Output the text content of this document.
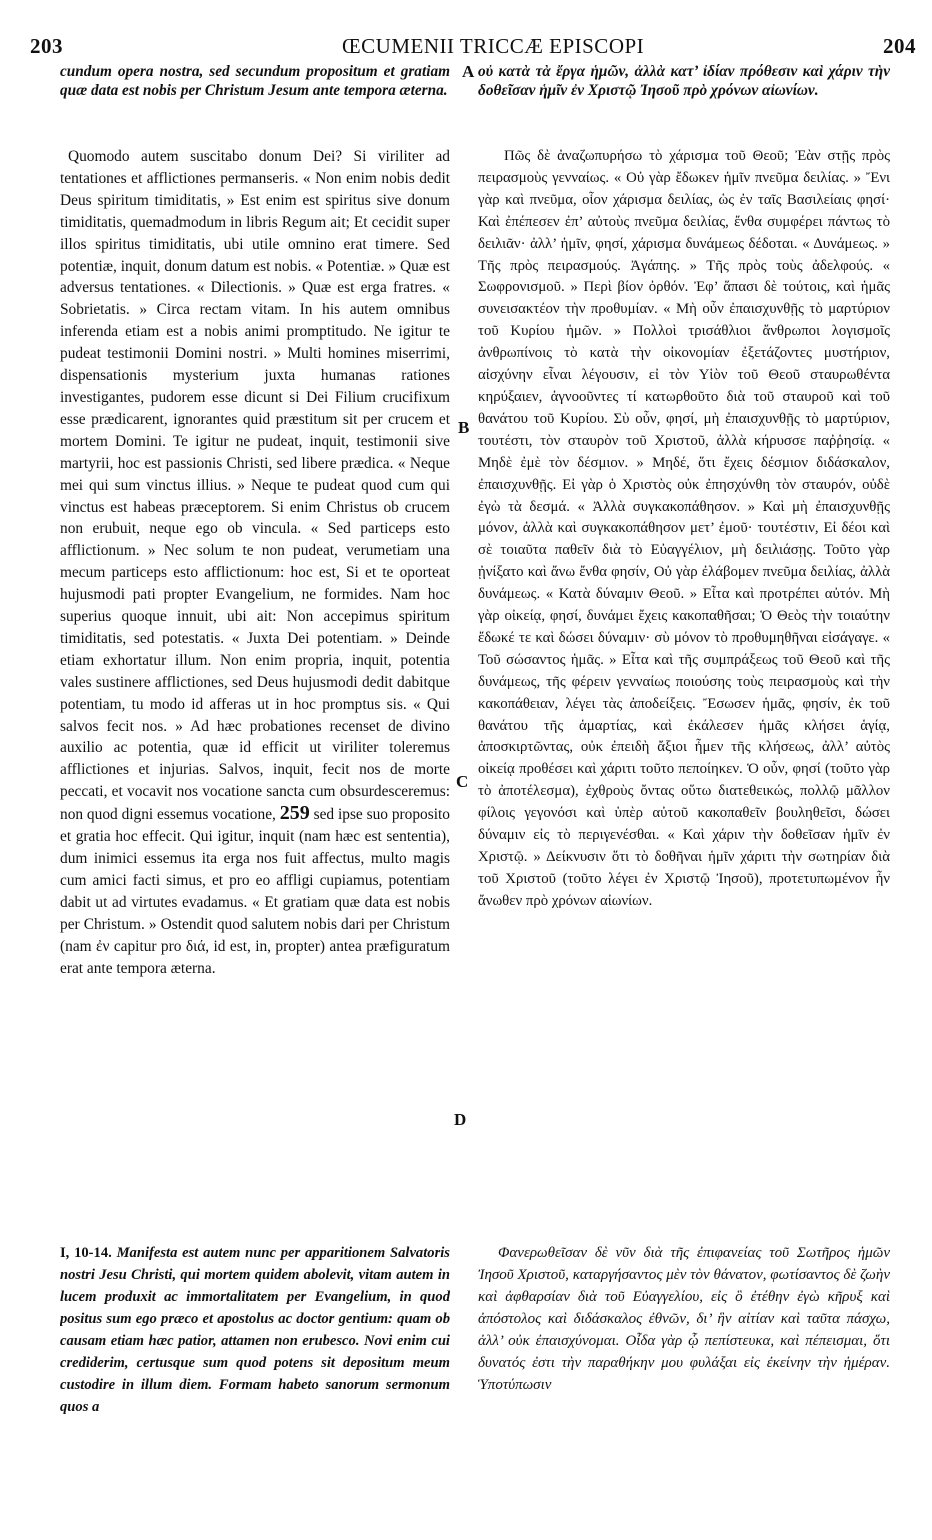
203	ŒCUMENII TRICCÆ EPISCOPI	204
A
B
C
D

cundum opera nostra, sed secundum propositum et gratiam quæ data est nobis per Christum Jesum ante tempora æterna.

οὐ κατὰ τὰ ἔργα ἡμῶν, ἀλλὰ κατ’ ἰδίαν πρόθεσιν καὶ χάριν τὴν δοθεῖσαν ἡμῖν ἐν Χριστῷ Ἰησοῦ πρὸ χρόνων αἰωνίων.

Quomodo autem suscitabo donum Dei? Si viriliter ad tentationes et afflictiones permanseris. « Non enim nobis dedit Deus spiritum timiditatis, » Est enim est spiritus sive donum timiditatis, quemadmodum in libris Regum ait; Et cecidit super illos spiritus timiditatis, ubi utile omnino erat timere. Sed potentiæ, inquit, donum datum est nobis. « Potentiæ. » Quæ est adversus tentationes. « Dilectionis. » Quæ est erga fratres. « Sobrietatis. » Circa rectam vitam. In his autem omnibus inferenda etiam est a nobis animi promptitudo. Ne igitur te pudeat testimonii Domini nostri. » Multi homines miserrimi, dispensationis mysterium juxta humanas rationes investigantes, pudorem esse dicunt si Dei Filium crucifixum esse prædicarent, ignorantes quid præstitum sit per crucem et mortem Domini. Te igitur ne pudeat, inquit, testimonii sive martyrii, hoc est passionis Christi, sed libere prædica. « Neque mei qui sum vinctus illius. » Neque te pudeat quod cum qui vinctus est habeas præceptorem. Si enim Christus ob crucem non erubuit, neque ego ob vincula. « Sed particeps esto afflictionum. » Nec solum te non pudeat, verumetiam una mecum particeps esto afflictionum: hoc est, Si et te oporteat hujusmodi pati propter Evangelium, ne formides. Nam hoc superius quoque innuit, ubi ait: Non accepimus spiritum timiditatis, sed potestatis. « Juxta Dei potentiam. » Deinde etiam exhortatur illum. Non enim propria, inquit, potentia vales sustinere afflictiones, sed Deus hujusmodi dedit dabitque potentiam, tu modo id afferas ut in hoc promptus sis. « Qui salvos fecit nos. » Ad hæc probationes recenset de divino auxilio ac potentia, quæ id efficit ut viriliter toleremus afflictiones et injurias. Salvos, inquit, fecit nos de morte peccati, et vocavit nos vocatione sancta cum obsurdesceremus: non quod digni essemus vocatione, 259 sed ipse suo proposito et gratia hoc effecit. Qui igitur, inquit (nam hæc est sententia), dum inimici essemus ita erga nos fuit affectus, multo magis cum amici facti simus, et pro eo affligi cupiamus, potentiam dabit ut ad virtutes evadamus. « Et gratiam quæ data est nobis per Christum. » Ostendit quod salutem nobis dari per Christum (nam ἐν capitur pro διά, id est, in, propter) antea præfiguratum erat ante tempora æterna.

Πῶς δὲ ἀναζωπυρήσω τὸ χάρισμα τοῦ Θεοῦ; Ἐὰν στῇς πρὸς πειρασμοὺς γενναίως. « Οὐ γὰρ ἔδωκεν ἡμῖν πνεῦμα δειλίας. » Ἔνι γὰρ καὶ πνεῦμα, οἷον χάρισμα δειλίας, ὡς ἐν ταῖς Βασιλείαις φησί· Καὶ ἐπέπεσεν ἐπ’ αὐτοὺς πνεῦμα δειλίας, ἔνθα συμφέρει πάντως τὸ δειλιᾶν· ἀλλ’ ἡμῖν, φησί, χάρισμα δυνάμεως δέδοται. « Δυνάμεως. » Τῆς πρὸς πειρασμούς. Ἀγάπης. » Τῆς πρὸς τοὺς ἀδελφούς. « Σωφρονισμοῦ. » Περὶ βίον ὀρθόν. Ἐφ’ ἅπασι δὲ τούτοις, καὶ ἡμᾶς συνεισακτέον τὴν προθυμίαν. « Μὴ οὖν ἐπαισχυνθῇς τὸ μαρτύριον τοῦ Κυρίου ἡμῶν. » Πολλοὶ τρισάθλιοι ἄνθρωποι λογισμοῖς ἀνθρωπίνοις τὸ κατὰ τὴν οἰκονομίαν ἐξετάζοντες μυστήριον, αἰσχύνην εἶναι λέγουσιν, εἰ τὸν Υἱὸν τοῦ Θεοῦ σταυρωθέντα κηρύξαιεν, ἀγνοοῦντες τί κατωρθοῦτο διὰ τοῦ σταυροῦ καὶ τοῦ θανάτου τοῦ Κυρίου. Σὺ οὖν, φησί, μὴ ἐπαισχυνθῇς τὸ μαρτύριον, τουτέστι, τὸν σταυρὸν τοῦ Χριστοῦ, ἀλλὰ κήρυσσε παῤῥησίᾳ. « Μηδὲ ἐμὲ τὸν δέσμιον. » Μηδέ, ὅτι ἔχεις δέσμιον διδάσκαλον, ἐπαισχυνθῇς. Εἰ γὰρ ὁ Χριστὸς οὐκ ἐπησχύνθη τὸν σταυρόν, οὐδὲ ἐγὼ τὰ δεσμά. « Ἀλλὰ συγκακοπάθησον. » Καὶ μὴ ἐπαισχυνθῇς μόνον, ἀλλὰ καὶ συγκακοπάθησον μετ’ ἐμοῦ· τουτέστιν, Εἰ δέοι καὶ σὲ τοιαῦτα παθεῖν διὰ τὸ Εὐαγγέλιον, μὴ δειλιάσῃς. Τοῦτο γὰρ ᾐνίξατο καὶ ἄνω ἔνθα φησίν, Οὐ γὰρ ἐλάβομεν πνεῦμα δειλίας, ἀλλὰ δυνάμεως. « Κατὰ δύναμιν Θεοῦ. » Εἶτα καὶ προτρέπει αὐτόν. Μὴ γὰρ οἰκείᾳ, φησί, δυνάμει ἔχεις κακοπαθῆσαι; Ὁ Θεὸς τὴν τοιαύτην ἔδωκέ τε καὶ δώσει δύναμιν· σὺ μόνον τὸ προθυμηθῆναι εἰσάγαγε. « Τοῦ σώσαντος ἡμᾶς. » Εἶτα καὶ τῆς συμπράξεως τοῦ Θεοῦ καὶ τῆς δυνάμεως, τῆς φέρειν γενναίως ποιούσης τοὺς πειρασμοὺς καὶ τὴν κακοπάθειαν, λέγει τὰς ἀποδείξεις. Ἔσωσεν ἡμᾶς, φησίν, ἐκ τοῦ θανάτου τῆς ἁμαρτίας, καὶ ἐκάλεσεν ἡμᾶς κλήσει ἁγίᾳ, ἀποσκιρτῶντας, οὐκ ἐπειδὴ ἄξιοι ἦμεν τῆς κλήσεως, ἀλλ’ αὐτὸς οἰκείᾳ προθέσει καὶ χάριτι τοῦτο πεποίηκεν. Ὁ οὖν, φησί (τοῦτο γὰρ τὸ ἀποτέλεσμα), ἐχθροὺς ὄντας οὕτω διατεθεικώς, πολλῷ μᾶλλον φίλοις γεγονόσι καὶ ὑπὲρ αὐτοῦ κακοπαθεῖν βουληθεῖσι, δώσει δύναμιν εἰς τὸ περιγενέσθαι. « Καὶ χάριν τὴν δοθεῖσαν ἡμῖν ἐν Χριστῷ. » Δείκνυσιν ὅτι τὸ δοθῆναι ἡμῖν χάριτι τὴν σωτηρίαν διὰ τοῦ Χριστοῦ (τοῦτο λέγει ἐν Χριστῷ Ἰησοῦ), προτετυπωμένον ἦν ἄνωθεν πρὸ χρόνων αἰωνίων.

I, 10-14. Manifesta est autem nunc per apparitionem Salvatoris nostri Jesu Christi, qui mortem quidem abolevit, vitam autem in lucem produxit ac immortalitatem per Evangelium, in quod positus sum ego præco et apostolus ac doctor gentium: quam ob causam etiam hæc patior, attamen non erubesco. Novi enim cui crediderim, certusque sum quod potens sit depositum meum custodire in illum diem. Formam habeto sanorum sermonum quos a

Φανερωθεῖσαν δὲ νῦν διὰ τῆς ἐπιφανείας τοῦ Σωτῆρος ἡμῶν Ἰησοῦ Χριστοῦ, καταργήσαντος μὲν τὸν θάνατον, φωτίσαντος δὲ ζωὴν καὶ ἀφθαρσίαν διὰ τοῦ Εὐαγγελίου, εἰς ὃ ἐτέθην ἐγὼ κῆρυξ καὶ ἀπόστολος καὶ διδάσκαλος ἐθνῶν, δι’ ἣν αἰτίαν καὶ ταῦτα πάσχω, ἀλλ’ οὐκ ἐπαισχύνομαι. Οἶδα γὰρ ᾧ πεπίστευκα, καὶ πέπεισμαι, ὅτι δυνατός ἐστι τὴν παραθήκην μου φυλάξαι εἰς ἐκείνην τὴν ἡμέραν. Ὑποτύπωσιν
